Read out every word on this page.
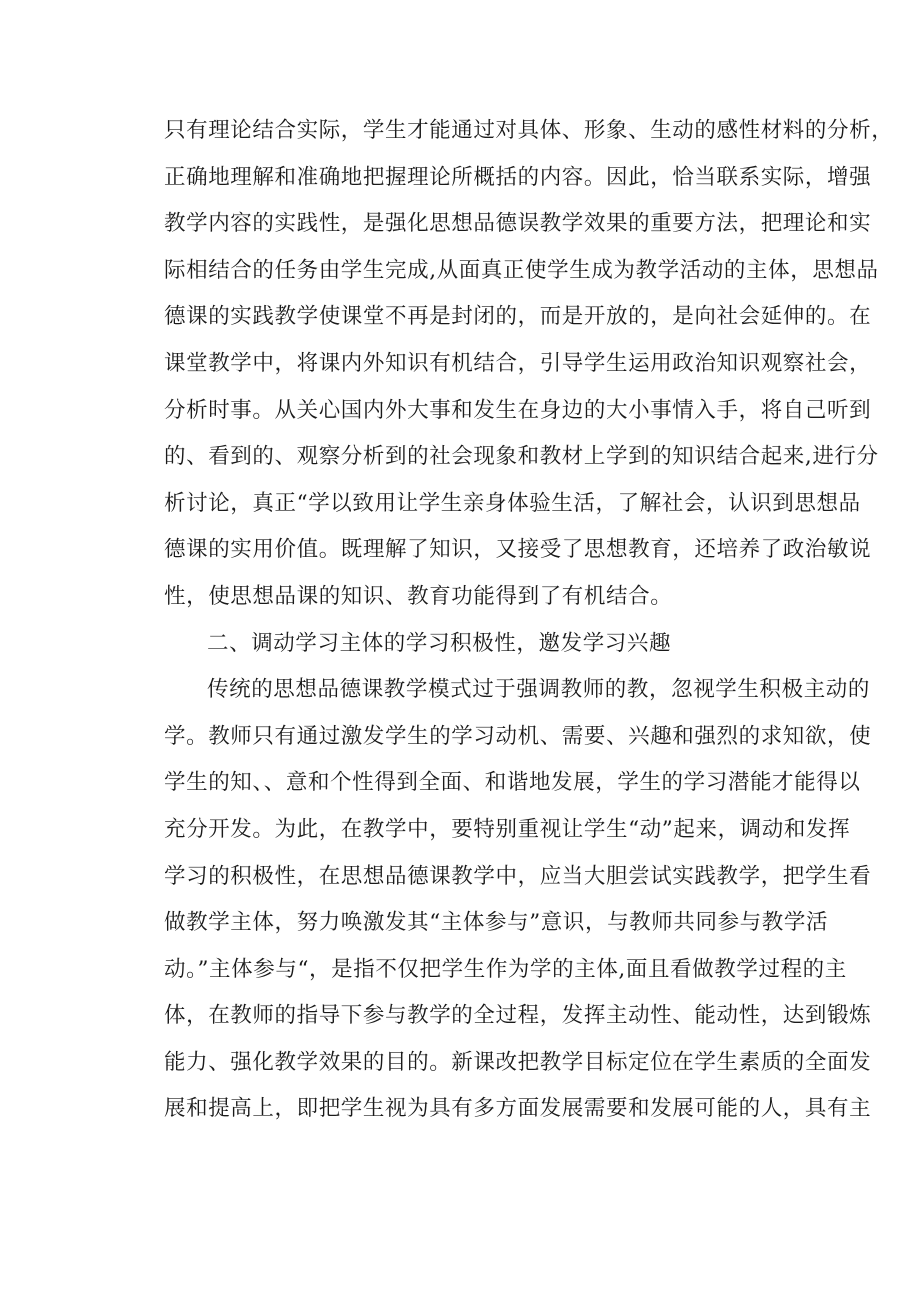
只有理论结合实际，学生才能通过对具体、形象、生动的感性材料的分析，
正确地理解和准确地把握理论所概括的内容。因此，恰当联系实际，增强
教学内容的实践性，是强化思想品德误教学效果的重要方法，把理论和实
际相结合的任务由学生完成,从面真正使学生成为教学活动的主体，思想品
德课的实践教学使课堂不再是封闭的，而是开放的，是向社会延伸的。在
课堂教学中，将课内外知识有机结合，引导学生运用政治知识观察社会，
分析时事。从关心国内外大事和发生在身边的大小事情入手，将自己听到
的、看到的、观察分析到的社会现象和教材上学到的知识结合起来,进行分
析讨论，真正“学以致用让学生亲身体验生活，了解社会，认识到思想品
德课的实用价值。既理解了知识，又接受了思想教育，还培养了政治敏说
性，使思想品课的知识、教育功能得到了有机结合。
二、调动学习主体的学习积极性，邀发学习兴趣
传统的思想品德课教学模式过于强调教师的教，忽视学生积极主动的
学。教师只有通过激发学生的学习动机、需要、兴趣和强烈的求知欲，使
学生的知、、意和个性得到全面、和谐地发展，学生的学习潜能才能得以
充分开发。为此，在教学中，要特别重视让学生“动”起来，调动和发挥
学习的积极性，在思想品德课教学中，应当大胆尝试实践教学，把学生看
做教学主体，努力唤激发其“主体参与”意识，与教师共同参与教学活
动。”主体参与“，是指不仅把学生作为学的主体,面且看做教学过程的主
体，在教师的指导下参与教学的全过程，发挥主动性、能动性，达到锻炼
能力、强化教学效果的目的。新课改把教学目标定位在学生素质的全面发
展和提高上，即把学生视为具有多方面发展需要和发展可能的人，具有主
